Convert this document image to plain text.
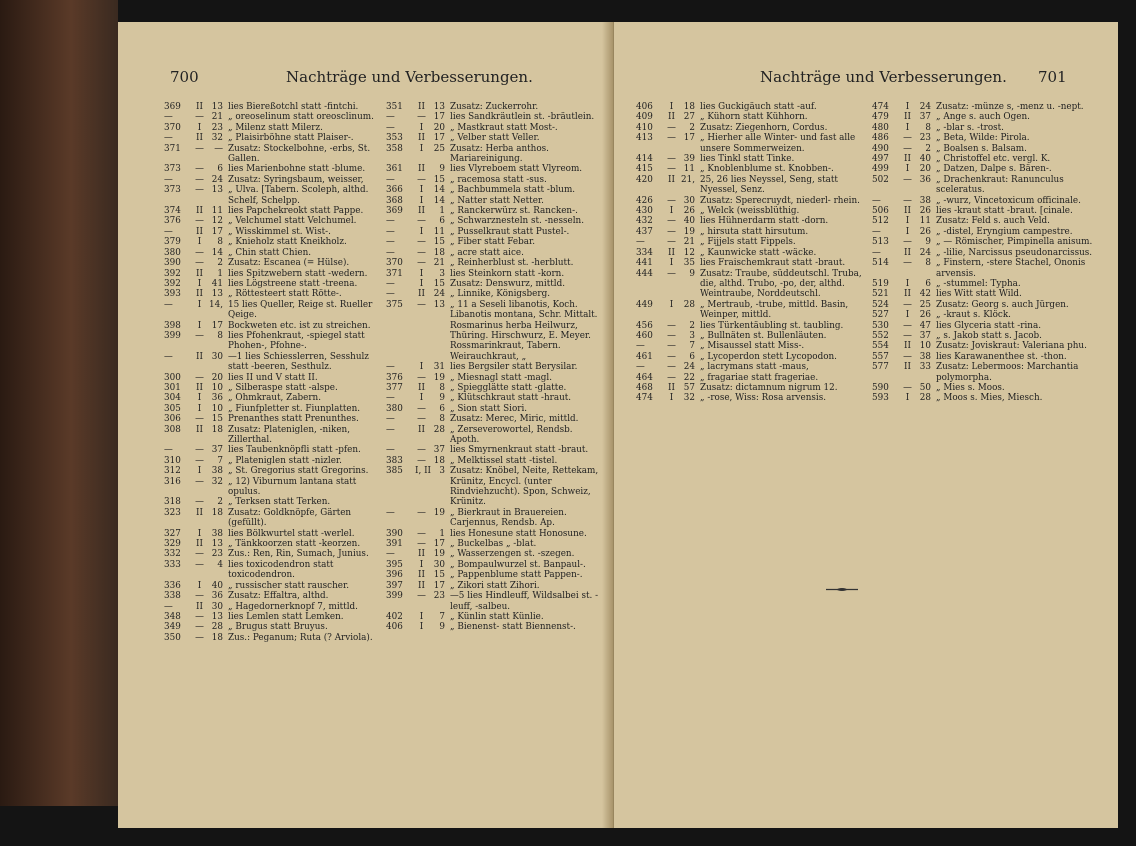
700	Nachträge und Verbesserungen.
369	II	13 lies Biereßotchl statt -fintchi.
—	— 21 „ oreoselinum statt oreosclinum.
370	I	23 „ Milenz statt Milerz.
—	II	32 „ Plaisirböhne statt Plaiser-.
371	—	— Zusatz: Stockelbohne, -erbs, St. Gallen.
373	—	6 lies Marienbohne statt -blume.
—	— 24 Zusatz: Syringsbaum, weisser,
373	— 13 „ Ulva. [Tabern. Scoleph, althd. Schelf, Schelpp.
374	II	11 lies Papchekreokt statt Pappe.
376	— 12 „ Velchumel statt Velchumel.
—	II	17 „ Wisskimmel st. Wist-.
379	I	8 „ Knieholz statt Kneikholz.
380	— 14 „ Chin statt Chien.
390	—	2 Zusatz: Escanea (= Hülse).
392	II	1 lies Spitzwebern statt -wedern.
392	I	41 lies Lögstreene statt -treena.
393	II	13 „ Röttesteert statt Rötte-.
—	I 14, 15 lies Queller, Reige st. Rueller Qeige.
398	I	17 Bockweten etc. ist zu streichen.
399	—	8 lies Pfohenkraut, -spiegel statt Phohen-, Pfohne-.
—	II	30 —1 lies Schiesslerren, Sesshulz statt -beeren, Sesthulz.
300	— 20 lies II und V statt II.
301	II	10 „ Silberaspe statt -alspe.
304	I	36 „ Ohmkraut, Zabern.
305	I	10 „ Fiunfpletter st. Fiunplatten.
306	— 15 Prenanthes statt Prenunthes.
308	II	18 Zusatz: Plateniglen, -niken, Zillerthal.
—	— 37 lies Taubenknöpfli statt -pfen.
310	—	7 „ Plateniglen statt -nizler.
312	I	38 „ St. Gregorius statt Gregorins.
316	— 32 „ 12) Viburnum lantana statt opulus.
318	—	2 „ Terksen statt Terken.
323	II	18 Zusatz: Goldknöpfe, Gärten (gefüllt).
327	I	38 lies Bölkwurtel statt -werlel.
329	II	13 „ Tänkkoorzen statt -keorzen.
332	— 23 Zus.: Ren, Rin, Sumach, Junius.
333	—	4 lies toxicodendron statt toxicodendron.
336	I	40 „ russischer statt rauscher.
338	— 36 Zusatz: Effaltra, althd.
—	II	30 „ Hagedornerknopf 7, mittld.
348	— 13 lies Lemlen statt Lemken.
349	— 28 „ Brugus statt Bruyus.
350	— 18 Zus.: Peganum; Ruta (? Arviola).
351	II	13 Zusatz: Zuckerrohr.
—	— 17 lies Sandkräutlein st. -bräutlein.
—	I	20 „ Mastkraut statt Most-.
353	II	17 „ Velber statt Veller.
358	I	25 Zusatz: Herba anthos. Mariareinigung.
361	II	9 lies Vlyreboem statt Vlyreom.
—	— 15 „ racemosa statt -sus.
366	I	14 „ Bachbummela statt -blum.
368	I	14 „ Natter statt Netter.
369	II	1 „ Ranckerwürz st. Rancken-.
—	—	6 „ Schwarznesteln st. -nesseln.
—	I	11 „ Pusselkraut statt Pustel-.
—	— 15 „ Fiber statt Febar.
—	— 18 „ acre statt aice.
370	— 21 „ Reinherblust st. -herblutt.
371	I	3 lies Steinkorn statt -korn.
—	I	15 Zusatz: Denswurz, mittld.
—	II	24 „ Linnike, Königsberg.
375	— 13 „ 11 a Seseli libanotis, Koch. Libanotis montana, Schr. Mittalt. Rosmarinus herba Heilwurz, Thüring. Hirschwurz, E. Meyer. Rossmarinkraut, Tabern. Weirauchkraut, „
—	I	31 lies Bergsiler statt Berysilar.
376	— 19 „ Miesnagl statt -magl.
377	II	8 „ Spiegglätte statt -glatte.
—	I	9 „ Klütschkraut statt -hraut.
380	—	6 „ Sion statt Siori.
—	—	8 Zusatz: Merec, Miric, mittld.
—	II	28 „ Zerseverowortel, Rendsb. Apoth.
—	— 37 lies Smyrnenkraut statt -braut.
383	— 18 „ Melktissel statt -tistel.
385	I, II 3 Zusatz: Knöbel, Neite, Rettekam, Krünitz, Encycl. (unter Rindviehzucht). Spon, Schweiz, Krünitz.
—	— 19 „ Bierkraut in Brauereien. Carjennus, Rendsb. Ap.
390	—	1 lies Honesune statt Honosune.
391	— 17 „ Buckelbas „ -blat.
—	II	19 „ Wasserzengen st. -szegen.
395	I	30 „ Bompaulwurzel st. Banpaul-.
396	II	15 „ Pappenblume statt Pappen-.
397	II	17 „ Zikori statt Zihori.
399	— 23 —5 lies Hindleuff, Wildsalbei st. -leuff, -salbeu.
402	I	7 „ Künlin statt Künlie.
406	I	9 „ Bienenst- statt Biennenst-.
Nachträge und Verbesserungen. 701
406	I	18 lies Guckigäuch statt -auf.
409	II	27 „ Kühorn statt Kühhorn.
410	—	2 Zusatz: Ziegenhorn, Cordus.
413	— 17 „ Hierher alle Winter- und fast alle unsere Sommerweizen.
414	— 39 lies Tinkl statt Tinke.
415	— 11 „ Knoblenblume st. Knobben-.
420	II 21, 25, 26 lies Neyssel, Seng, statt Nyessel, Senz.
426	— 30 Zusatz: Sperecruydt, niederl- rhein.
430	I	26 „ Welck (weissblüthig.
432	— 40 lies Hühnerdarm statt -dorn.
437	— 19 „ hirsuta statt hirsutum.
—	— 21 „ Fijjels statt Fippels.
334	II	12 „ Kaunwicke statt -wäcke.
441	I	35 lies Fraischemkraut statt -braut.
444	—	9 Zusatz: Traube, süddeutschl. Truba, die, althd. Trubo, -po, der, althd. Weintraube, Norddeutschl.
449	I	28 „ Mertraub, -trube, mittld. Basin, Weinper, mittld.
456	—	2 lies Türkentäubling st. taubling.
460	—	3 „ Bullnäten st. Bullenläuten.
—	—	7 „ Misaussel statt Miss-.
461	—	6 „ Lycoperdon stett Lycopodon.
—	— 24 „ lacrymans statt -maus,
464	— 22 „ fragariae statt frageriae.
468	II	57 Zusatz: dictamnum nigrum 12.
474	I	32 „ -rose, Wiss: Rosa arvensis.
474	I	24 Zusatz: -münze s, -menz u. -nept.
479	II	37 „ Ange s. auch Ogen.
480	I	8 „ -blar s. -trost.
486	— 23 „ Beta, Wilde: Pirola.
490	—	2 „ Boalsen s. Balsam.
497	II	40 „ Christoffel etc. vergl. K.
499	I	20 „ Datzen, Dalpe s. Bären-.
502	— 36 „ Drachenkraut: Ranunculus sceleratus.
—	— 38 „ -wurz, Vincetoxicum officinale.
506	II	26 lies -kraut statt -braut. [cinale.
512	I	11 Zusatz: Feld s. auch Veld.
—	I	26 „ -distel, Eryngium campestre.
513	—	9 „ — Römischer, Pimpinella anisum.
—	II	24 „ -lilie, Narcissus pseudonarcissus.
514	—	8 „ Finstern, -stere Stachel, Ononis arvensis.
519	I	6 „ -stummel: Typha.
521	II	42 lies Witt statt Wild.
524	— 25 Zusatz: Georg s. auch Jürgen.
527	I	26 „ -kraut s. Klöck.
530	— 47 lies Glyceria statt -rina.
552	— 37 „ s. Jakob statt s. Jacob.
554	II	10 Zusatz: Joviskraut: Valeriana phu.
557	— 38 lies Karawanenthee st. -thon.
577	II	33 Zusatz: Lebermoos: Marchantia polymorpha.
590	— 50 „ Mies s. Moos.
593	I	28 „ Moos s. Mies, Miesch.
